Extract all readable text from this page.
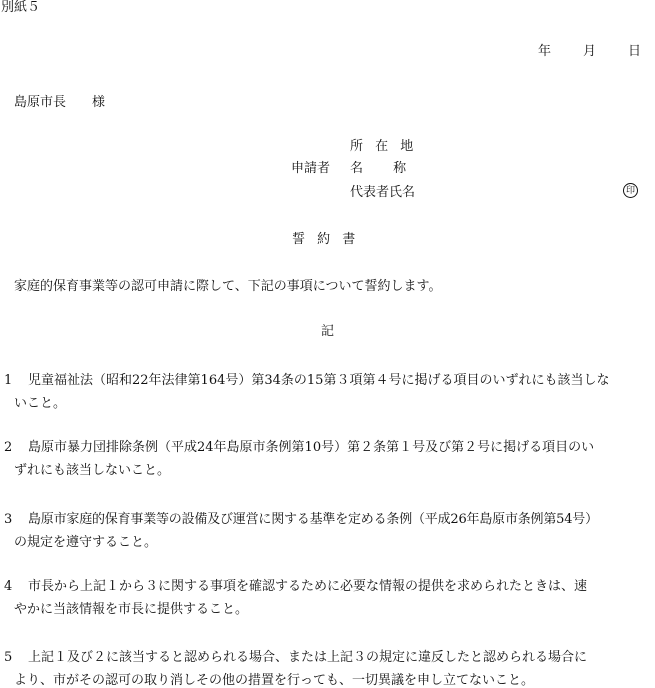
別紙５
年 月 日
島原市長 様
申請者
所 在 地
名　　 称
代表者氏名	印
誓 約 書
家庭的保育事業等の認可申請に際して、下記の事項について誓約します。
記
1 児童福祉法（昭和22年法律第164号）第34条の15第３項第４号に掲げる項目のいずれにも該当しな
いこと。
2 島原市暴力団排除条例（平成24年島原市条例第10号）第２条第１号及び第２号に掲げる項目のい
ずれにも該当しないこと。
3 島原市家庭的保育事業等の設備及び運営に関する基準を定める条例（平成26年島原市条例第54号）
の規定を遵守すること。
4 市長から上記１から３に関する事項を確認するために必要な情報の提供を求められたときは、速
やかに当該情報を市長に提供すること。
5 上記１及び２に該当すると認められる場合、または上記３の規定に違反したと認められる場合に
より、市がその認可の取り消しその他の措置を行っても、一切異議を申し立てないこと。
